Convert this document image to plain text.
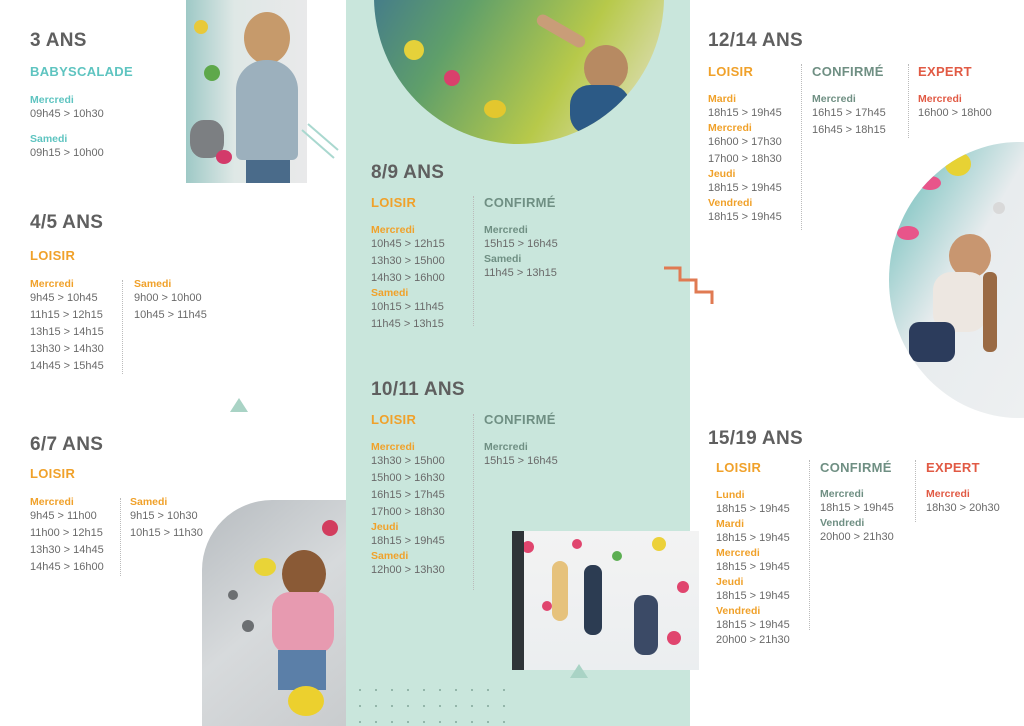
3 ANS
BABYSCALADE
Mercredi
09h45 > 10h30
Samedi
09h15 > 10h00
4/5 ANS
LOISIR
Mercredi
9h45 > 10h45
11h15 > 12h15
13h15 > 14h15
13h30 > 14h30
14h45 > 15h45
Samedi
9h00 > 10h00
10h45 > 11h45
6/7 ANS
LOISIR
Mercredi
9h45 > 11h00
11h00 > 12h15
13h30 > 14h45
14h45 > 16h00
Samedi
9h15 > 10h30
10h15 > 11h30
8/9 ANS
LOISIR
Mercredi
10h45 > 12h15
13h30 > 15h00
14h30 > 16h00
Samedi
10h15 > 11h45
11h45 > 13h15
CONFIRMÉ
Mercredi
15h15 > 16h45
Samedi
11h45 > 13h15
10/11 ANS
LOISIR
Mercredi
13h30 > 15h00
15h00 > 16h30
16h15 > 17h45
17h00 > 18h30
Jeudi
18h15 > 19h45
Samedi
12h00 > 13h30
CONFIRMÉ
Mercredi
15h15 > 16h45
12/14 ANS
LOISIR
Mardi
18h15 > 19h45
Mercredi
16h00 > 17h30
17h00 > 18h30
Jeudi
18h15 > 19h45
Vendredi
18h15 > 19h45
CONFIRMÉ
Mercredi
16h15 > 17h45
16h45 > 18h15
EXPERT
Mercredi
16h00 > 18h00
15/19 ANS
LOISIR
Lundi
18h15 > 19h45
Mardi
18h15 > 19h45
Mercredi
18h15 > 19h45
Jeudi
18h15 > 19h45
Vendredi
18h15 > 19h45
20h00 > 21h30
CONFIRMÉ
Mercredi
18h15 > 19h45
Vendredi
20h00 > 21h30
EXPERT
Mercredi
18h30 > 20h30
